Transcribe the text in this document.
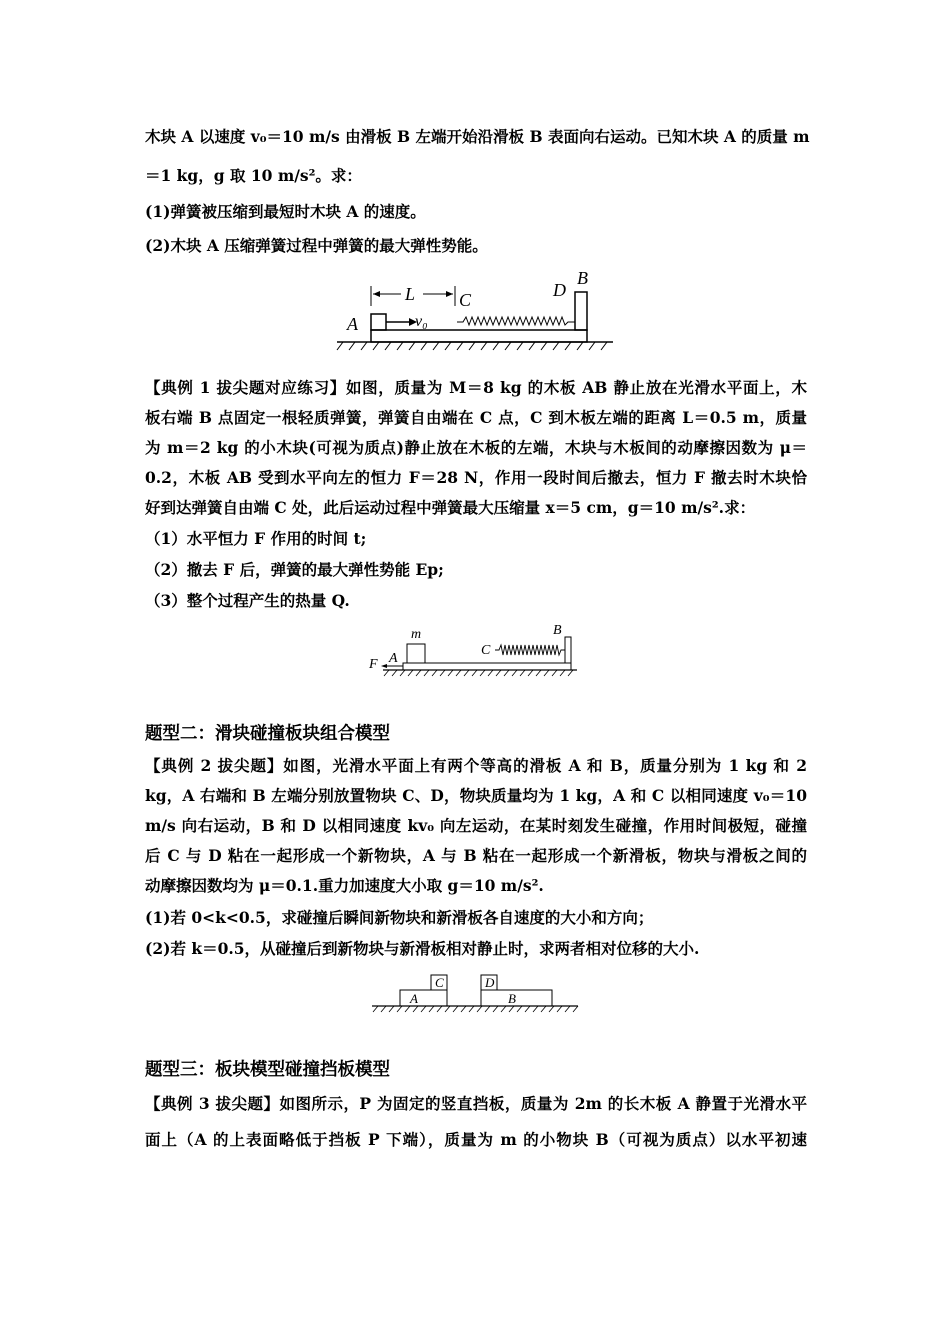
木块 A 以速度 v₀＝10 m/s 由滑板 B 左端开始沿滑板 B 表面向右运动。已知木块 A 的质量 m
＝1 kg，g 取 10 m/s²。求：
(1)弹簧被压缩到最短时木块 A 的速度。
(2)木块 A 压缩弹簧过程中弹簧的最大弹性势能。
A
L C	D
B
v₀
【典例 1 拔尖题对应练习】如图，质量为 M＝8 kg 的木板 AB 静止放在光滑水平面上，木
板右端 B 点固定一根轻质弹簧，弹簧自由端在 C 点，C 到木板左端的距离 L＝0.5 m，质量
为 m＝2 kg 的小木块(可视为质点)静止放在木板的左端，木块与木板间的动摩擦因数为 μ＝
0.2，木板 AB 受到水平向左的恒力 F＝28 N，作用一段时间后撤去，恒力 F 撤去时木块恰
好到达弹簧自由端 C 处，此后运动过程中弹簧最大压缩量 x＝5 cm，g＝10 m/s².求：
（1）水平恒力 F 作用的时间 t;
（2）撤去 F 后，弹簧的最大弹性势能 Ep;
（3）整个过程产生的热量 Q.
m
F A
C
B
题型二：滑块碰撞板块组合模型
【典例 2 拔尖题】如图，光滑水平面上有两个等高的滑板 A 和 B，质量分别为 1 kg 和 2
kg，A 右端和 B 左端分别放置物块 C、D，物块质量均为 1 kg，A 和 C 以相同速度 v₀＝10
m/s 向右运动，B 和 D 以相同速度 kv₀ 向左运动，在某时刻发生碰撞，作用时间极短，碰撞
后 C 与 D 粘在一起形成一个新物块，A 与 B 粘在一起形成一个新滑板，物块与滑板之间的
动摩擦因数均为 μ＝0.1.重力加速度大小取 g＝10 m/s².
(1)若 0<k<0.5，求碰撞后瞬间新物块和新滑板各自速度的大小和方向；
(2)若 k＝0.5，从碰撞后到新物块与新滑板相对静止时，求两者相对位移的大小.
A
C	D
B
题型三：板块模型碰撞挡板模型
【典例 3 拔尖题】如图所示，P 为固定的竖直挡板，质量为 2m 的长木板 A 静置于光滑水平
面上（A 的上表面略低于挡板 P 下端），质量为 m 的小物块 B（可视为质点）以水平初速
